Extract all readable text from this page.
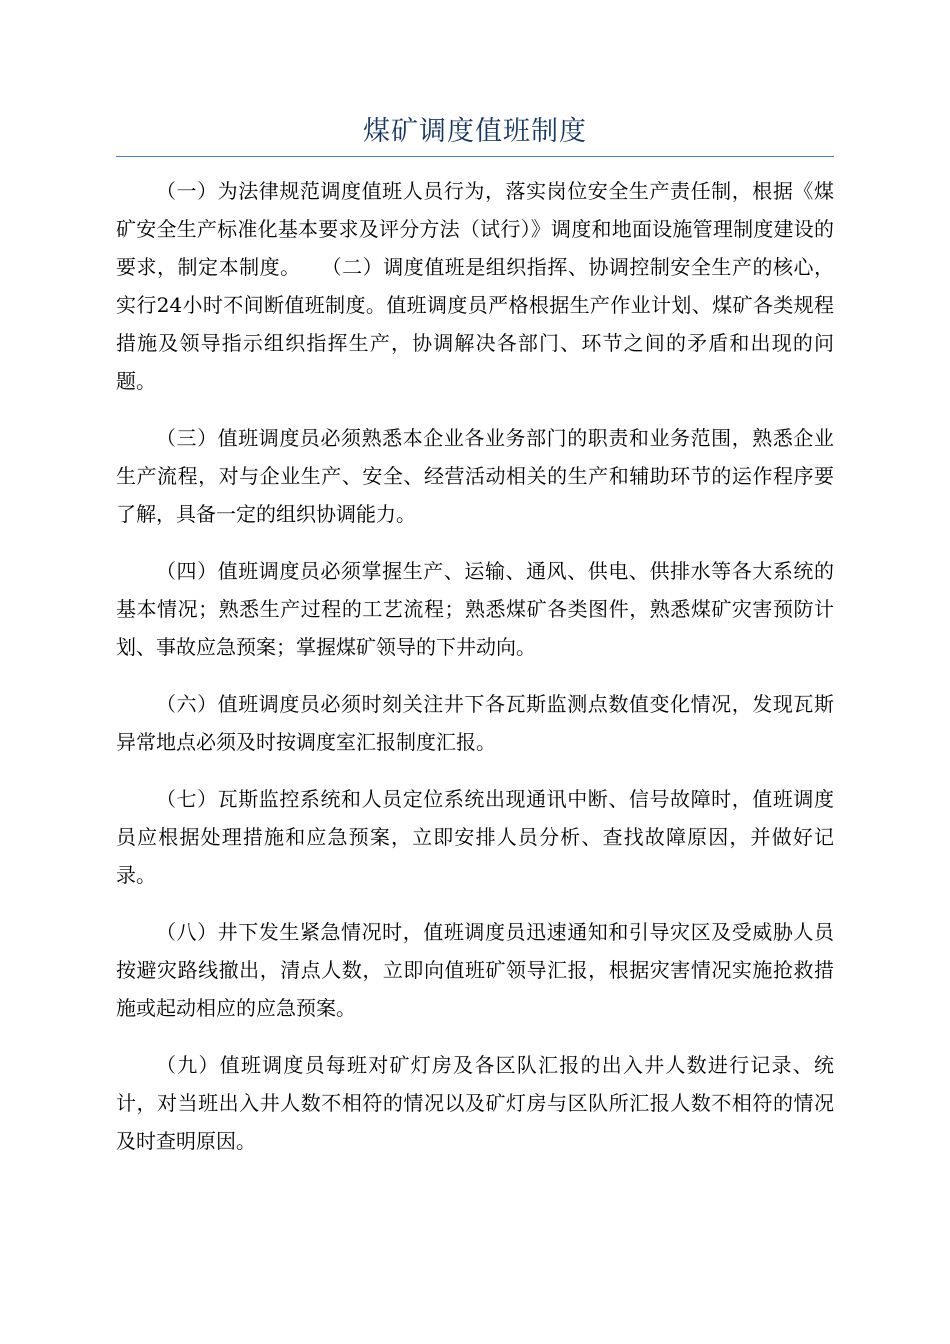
煤矿调度值班制度

（一）为法律规范调度值班人员行为，落实岗位安全生产责任制，根据《煤矿安全生产标准化基本要求及评分方法（试行）》调度和地面设施管理制度建设的要求，制定本制度。　　（二）调度值班是组织指挥、协调控制安全生产的核心，实行24小时不间断值班制度。值班调度员严格根据生产作业计划、煤矿各类规程措施及领导指示组织指挥生产，协调解决各部门、环节之间的矛盾和出现的问题。

（三）值班调度员必须熟悉本企业各业务部门的职责和业务范围，熟悉企业生产流程，对与企业生产、安全、经营活动相关的生产和辅助环节的运作程序要了解，具备一定的组织协调能力。

（四）值班调度员必须掌握生产、运输、通风、供电、供排水等各大系统的基本情况；熟悉生产过程的工艺流程；熟悉煤矿各类图件，熟悉煤矿灾害预防计划、事故应急预案；掌握煤矿领导的下井动向。

（六）值班调度员必须时刻关注井下各瓦斯监测点数值变化情况，发现瓦斯异常地点必须及时按调度室汇报制度汇报。

（七）瓦斯监控系统和人员定位系统出现通讯中断、信号故障时，值班调度员应根据处理措施和应急预案，立即安排人员分析、查找故障原因，并做好记录。

（八）井下发生紧急情况时，值班调度员迅速通知和引导灾区及受威胁人员按避灾路线撤出，清点人数，立即向值班矿领导汇报，根据灾害情况实施抢救措施或起动相应的应急预案。

（九）值班调度员每班对矿灯房及各区队汇报的出入井人数进行记录、统计，对当班出入井人数不相符的情况以及矿灯房与区队所汇报人数不相符的情况及时查明原因。
